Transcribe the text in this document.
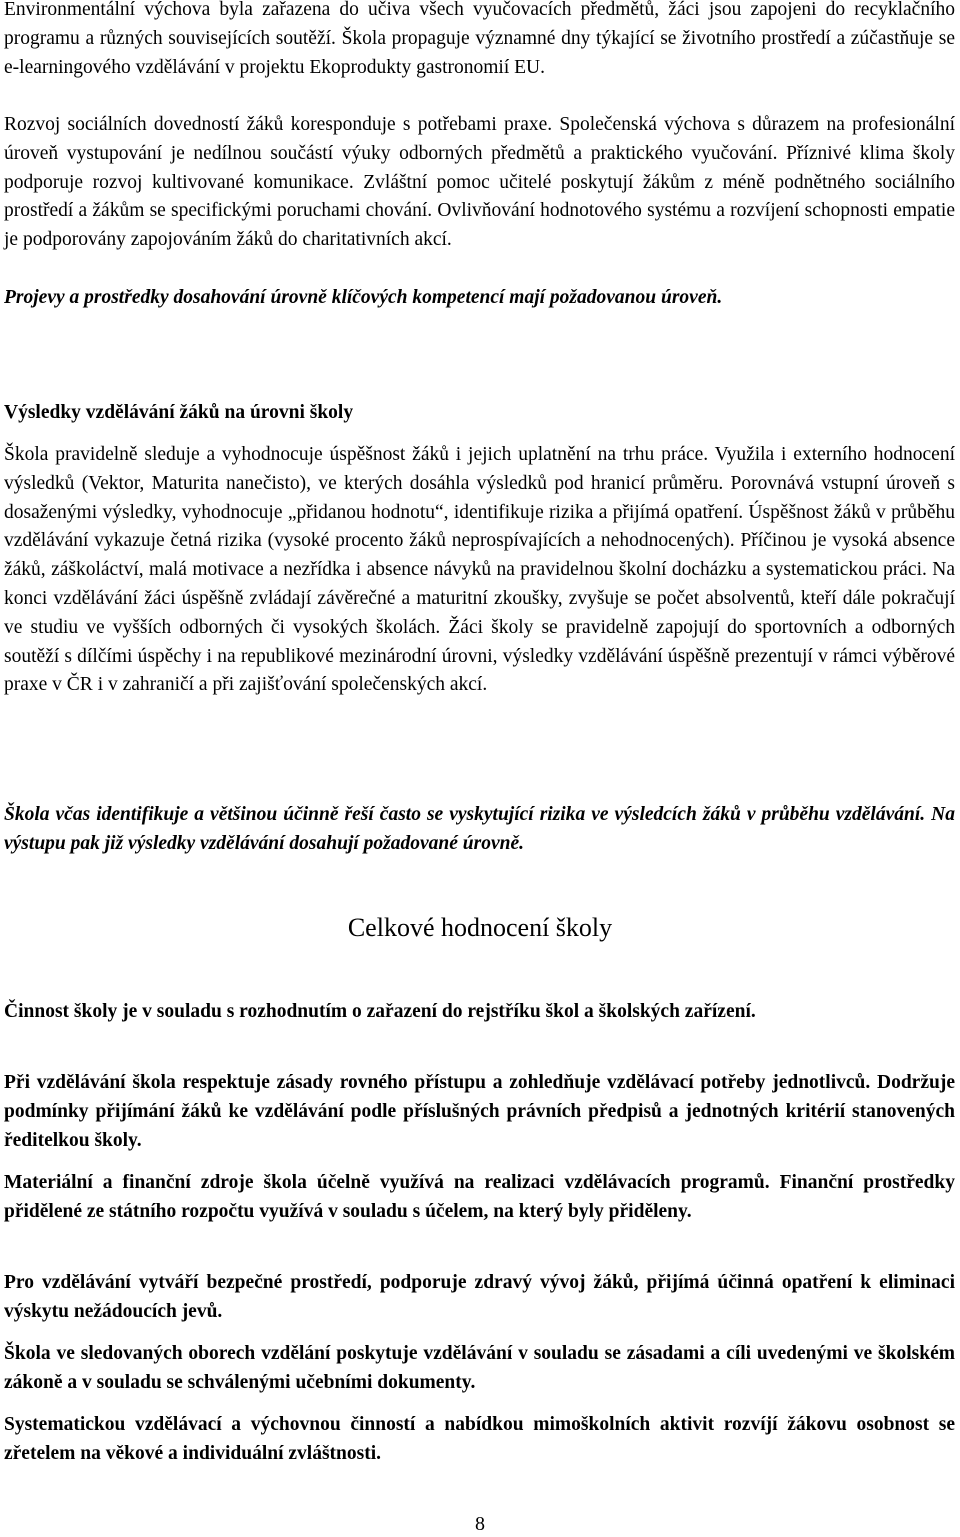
Environmentální výchova byla zařazena do učiva všech vyučovacích předmětů, žáci jsou zapojeni do recyklačního programu a různých souvisejících soutěží. Škola propaguje významné dny týkající se životního prostředí a zúčastňuje se e-learningového vzdělávání v projektu Ekoprodukty gastronomií EU.

Rozvoj sociálních dovedností žáků koresponduje s potřebami praxe. Společenská výchova s důrazem na profesionální úroveň vystupování je nedílnou součástí výuky odborných předmětů a praktického vyučování. Příznivé klima školy podporuje rozvoj kultivované komunikace. Zvláštní pomoc učitelé poskytují žákům z méně podnětného sociálního prostředí a žákům se specifickými poruchami chování. Ovlivňování hodnotového systému a rozvíjení schopnosti empatie je podporovány zapojováním žáků do charitativních akcí.

Projevy a prostředky dosahování úrovně klíčových kompetencí mají požadovanou úroveň.

Výsledky vzdělávání žáků na úrovni školy

Škola pravidelně sleduje a vyhodnocuje úspěšnost žáků i jejich uplatnění na trhu práce. Využila i externího hodnocení výsledků (Vektor, Maturita nanečisto), ve kterých dosáhla výsledků pod hranicí průměru. Porovnává vstupní úroveň s dosaženými výsledky, vyhodnocuje „přidanou hodnotu“, identifikuje rizika a přijímá opatření. Úspěšnost žáků v průběhu vzdělávání vykazuje četná rizika (vysoké procento žáků neprospívajících a nehodnocených). Příčinou je vysoká absence žáků, záškoláctví, malá motivace a nezřídka i absence návyků na pravidelnou školní docházku a systematickou práci. Na konci vzdělávání žáci úspěšně zvládají závěrečné a maturitní zkoušky, zvyšuje se počet absolventů, kteří dále pokračují ve studiu ve vyšších odborných či vysokých školách. Žáci školy se pravidelně zapojují do sportovních a odborných soutěží s dílčími úspěchy i na republikové mezinárodní úrovni, výsledky vzdělávání úspěšně prezentují v rámci výběrové praxe v ČR i v zahraničí a při zajišťování společenských akcí.

Škola včas identifikuje a většinou účinně řeší často se vyskytující rizika ve výsledcích žáků v průběhu vzdělávání. Na výstupu pak již výsledky vzdělávání dosahují požadované úrovně.

Celkové hodnocení školy

Činnost školy je v souladu s rozhodnutím o zařazení do rejstříku škol a školských zařízení.

Při vzdělávání škola respektuje zásady rovného přístupu a zohledňuje vzdělávací potřeby jednotlivců. Dodržuje podmínky přijímání žáků ke vzdělávání podle příslušných právních předpisů a jednotných kritérií stanovených ředitelkou školy.

Materiální a finanční zdroje škola účelně využívá na realizaci vzdělávacích programů. Finanční prostředky přidělené ze státního rozpočtu využívá v souladu s účelem, na který byly přiděleny.

Pro vzdělávání vytváří bezpečné prostředí, podporuje zdravý vývoj žáků, přijímá účinná opatření k eliminaci výskytu nežádoucích jevů.

Škola ve sledovaných oborech vzdělání poskytuje vzdělávání v souladu se zásadami a cíli uvedenými ve školském zákoně a v souladu se schválenými učebními dokumenty.

Systematickou vzdělávací a výchovnou činností a nabídkou mimoškolních aktivit rozvíjí žákovu osobnost se zřetelem na věkové a individuální zvláštnosti.

8
